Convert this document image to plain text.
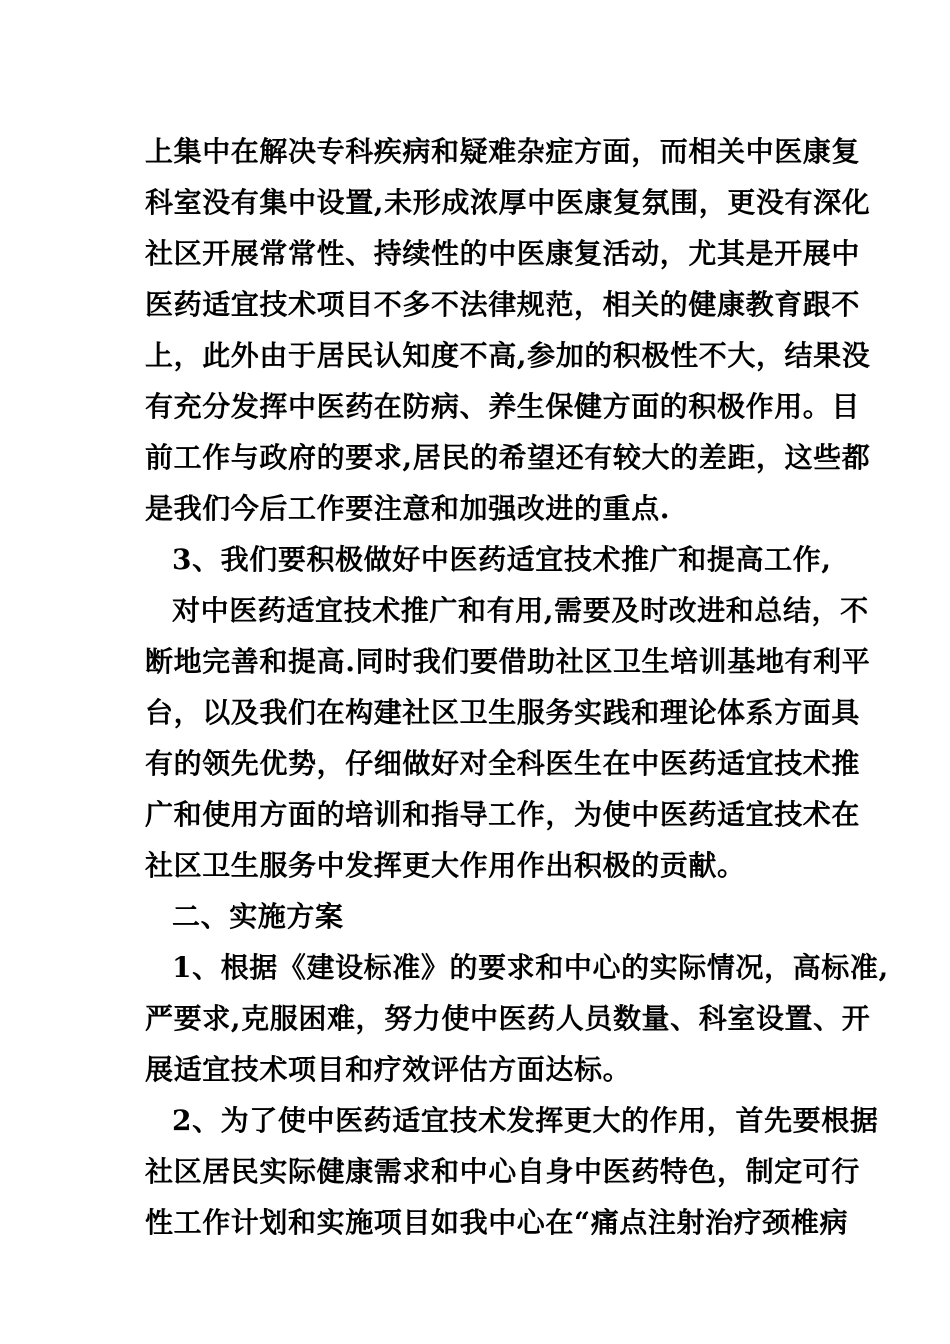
上集中在解决专科疾病和疑难杂症方面，而相关中医康复

科室没有集中设置,未形成浓厚中医康复氛围，更没有深化

社区开展常常性、持续性的中医康复活动，尤其是开展中

医药适宜技术项目不多不法律规范，相关的健康教育跟不

上，此外由于居民认知度不高,参加的积极性不大，结果没

有充分发挥中医药在防病、养生保健方面的积极作用。目

前工作与政府的要求,居民的希望还有较大的差距，这些都

是我们今后工作要注意和加强改进的重点.

3、我们要积极做好中医药适宜技术推广和提高工作,

对中医药适宜技术推广和有用,需要及时改进和总结，不

断地完善和提高.同时我们要借助社区卫生培训基地有利平

台，以及我们在构建社区卫生服务实践和理论体系方面具

有的领先优势，仔细做好对全科医生在中医药适宜技术推

广和使用方面的培训和指导工作，为使中医药适宜技术在

社区卫生服务中发挥更大作用作出积极的贡献。

二、实施方案

1、根据《建设标准》的要求和中心的实际情况，高标准,

严要求,克服困难，努力使中医药人员数量、科室设置、开

展适宜技术项目和疗效评估方面达标。

2、为了使中医药适宜技术发挥更大的作用，首先要根据

社区居民实际健康需求和中心自身中医药特色，制定可行

性工作计划和实施项目如我中心在“痛点注射治疗颈椎病
